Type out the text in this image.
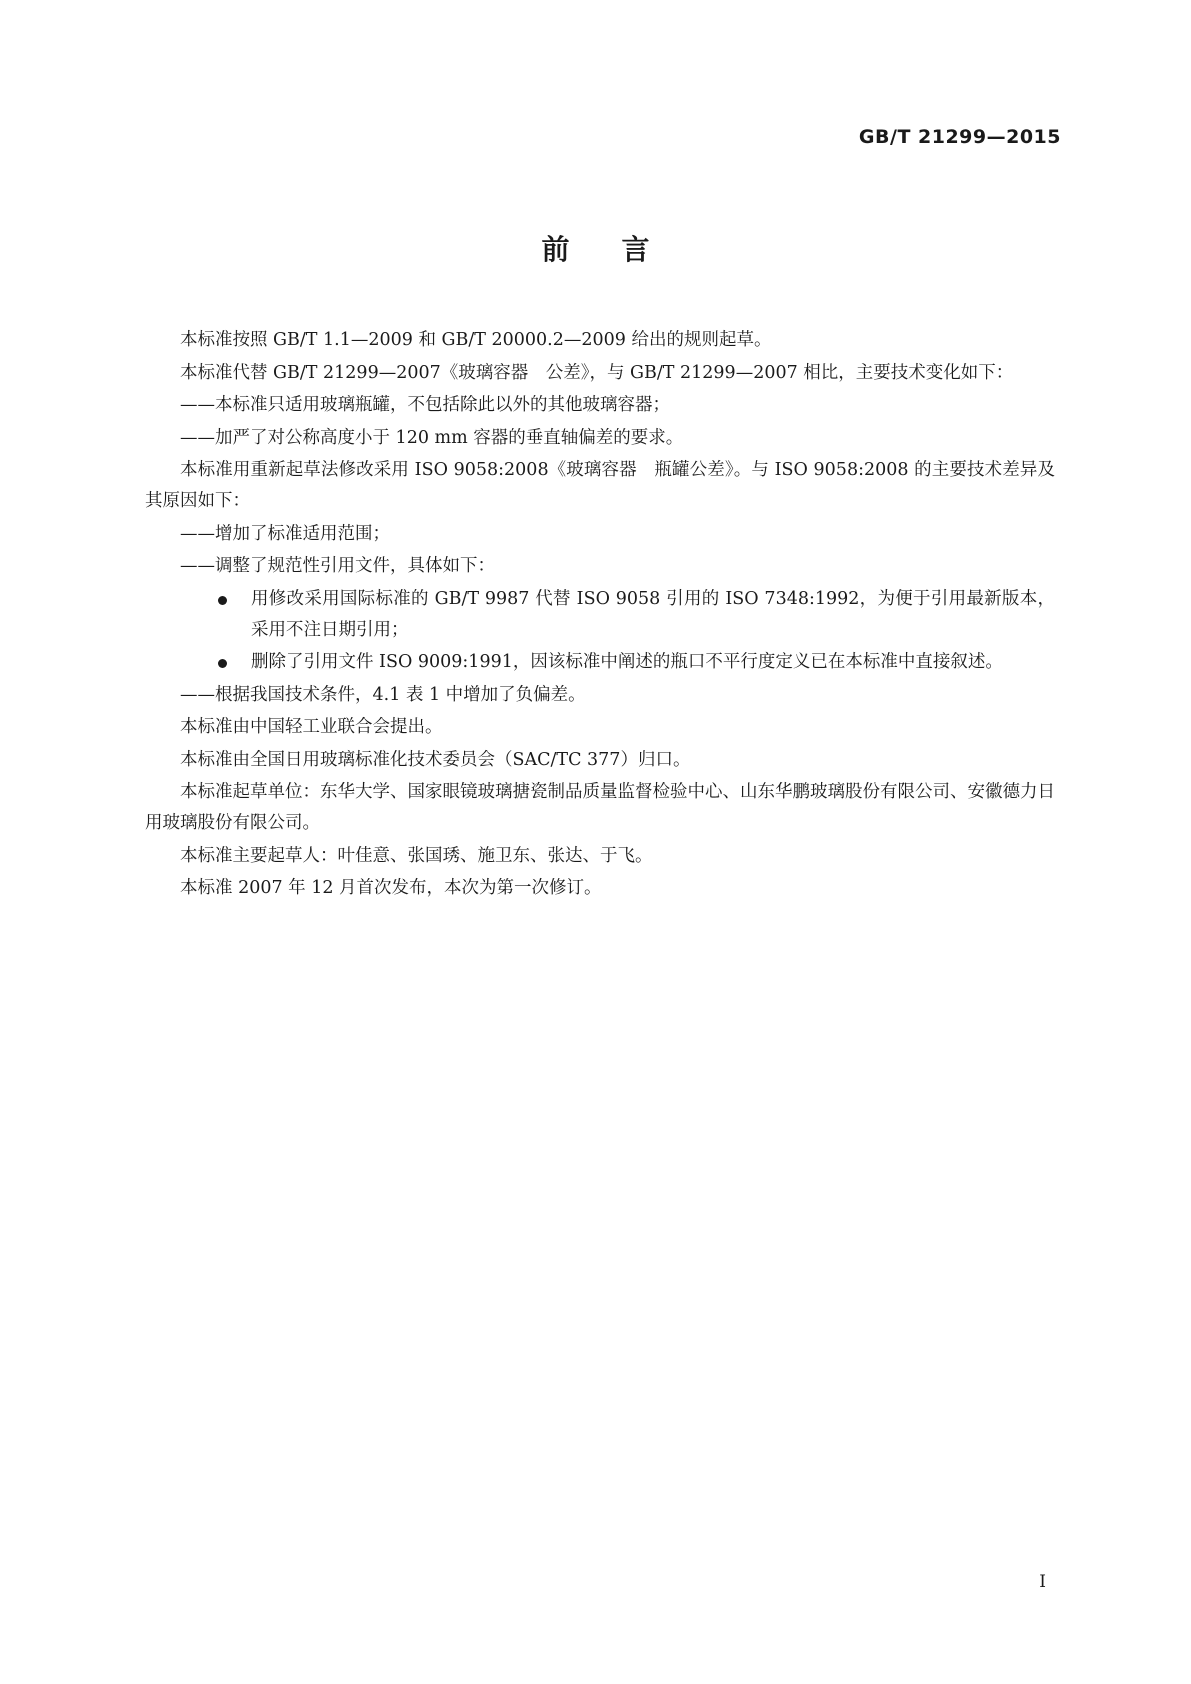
GB/T 21299—2015
前言

本标准按照 GB/T 1.1—2009 和 GB/T 20000.2—2009 给出的规则起草。

本标准代替 GB/T 21299—2007《玻璃容器　公差》，与 GB/T 21299—2007 相比，主要技术变化如下：

——本标准只适用玻璃瓶罐，不包括除此以外的其他玻璃容器；

——加严了对公称高度小于 120 mm 容器的垂直轴偏差的要求。

本标准用重新起草法修改采用 ISO 9058:2008《玻璃容器　瓶罐公差》。与 ISO 9058:2008 的主要技术差异及其原因如下：

——增加了标准适用范围；

——调整了规范性引用文件，具体如下：

用修改采用国际标准的 GB/T 9987 代替 ISO 9058 引用的 ISO 7348:1992，为便于引用最新版本，采用不注日期引用；

删除了引用文件 ISO 9009:1991，因该标准中阐述的瓶口不平行度定义已在本标准中直接叙述。

——根据我国技术条件，4.1 表 1 中增加了负偏差。

本标准由中国轻工业联合会提出。

本标准由全国日用玻璃标准化技术委员会（SAC/TC 377）归口。

本标准起草单位：东华大学、国家眼镜玻璃搪瓷制品质量监督检验中心、山东华鹏玻璃股份有限公司、安徽德力日用玻璃股份有限公司。

本标准主要起草人：叶佳意、张国琇、施卫东、张达、于飞。

本标准 2007 年 12 月首次发布，本次为第一次修订。

I
